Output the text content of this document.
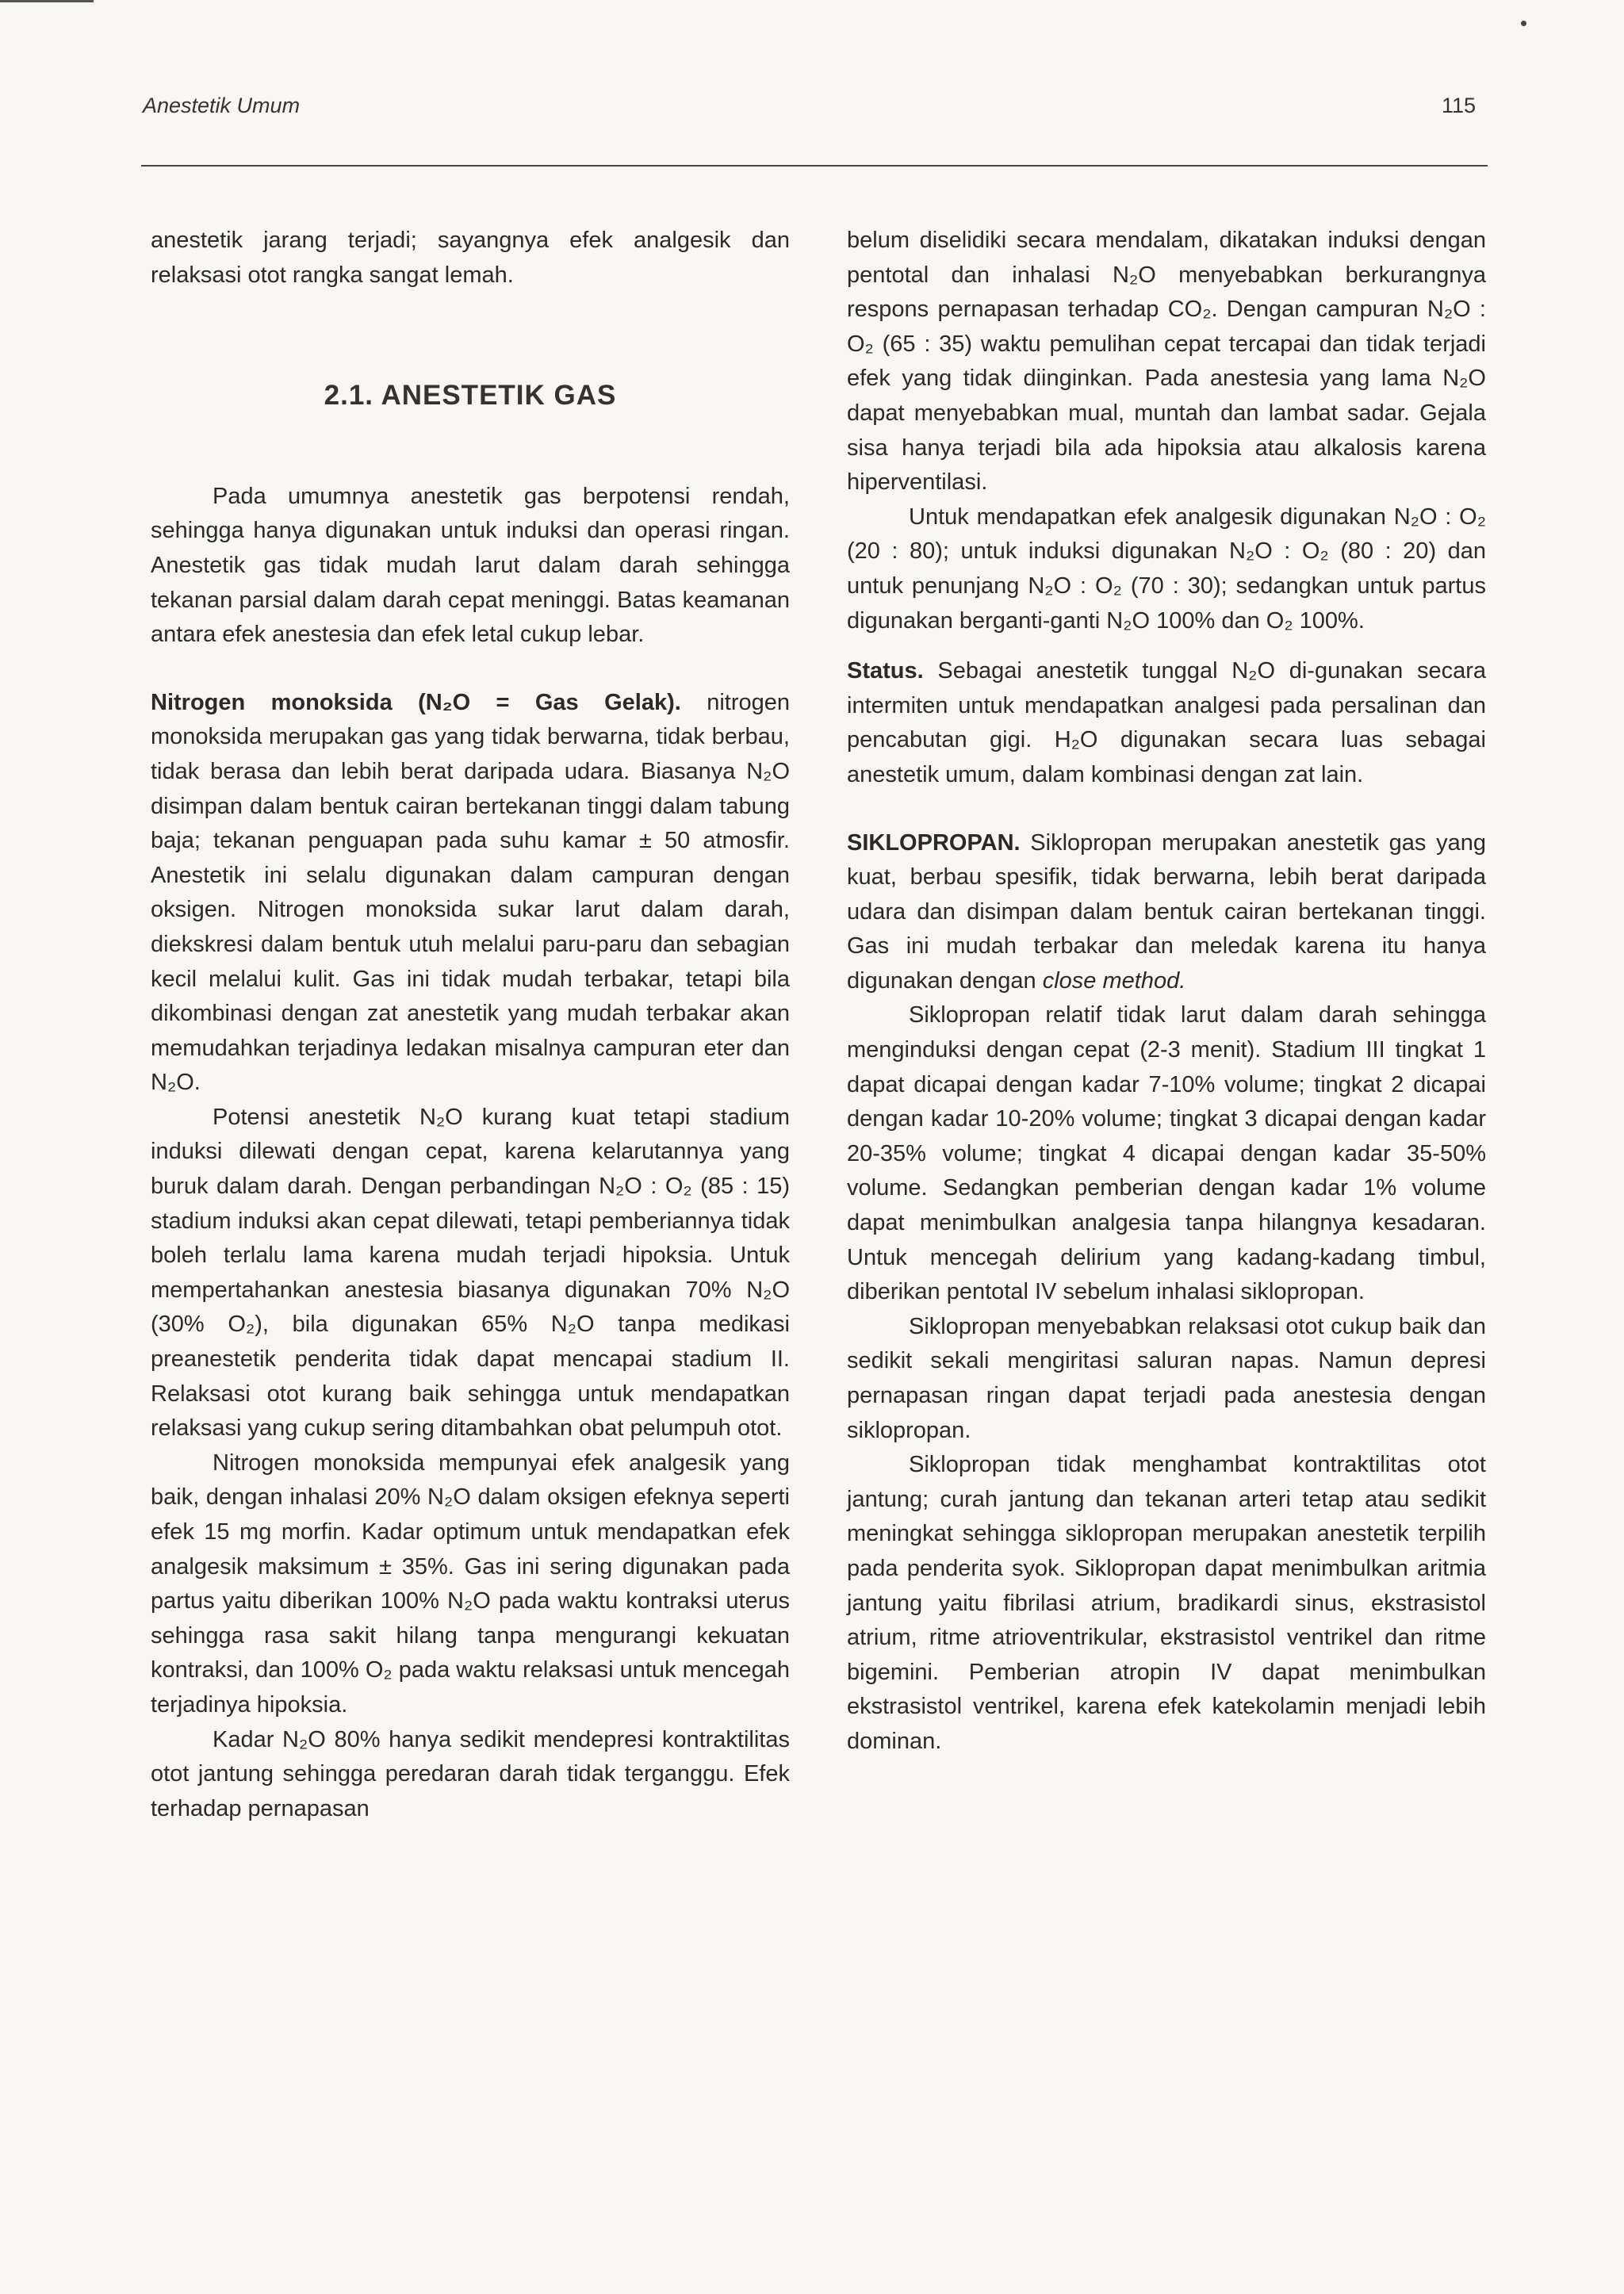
Anestetik Umum	115

anestetik jarang terjadi; sayangnya efek analgesik dan relaksasi otot rangka sangat lemah.

2.1. ANESTETIK GAS

Pada umumnya anestetik gas berpotensi rendah, sehingga hanya digunakan untuk induksi dan operasi ringan. Anestetik gas tidak mudah larut dalam darah sehingga tekanan parsial dalam darah cepat meninggi. Batas keamanan antara efek anestesia dan efek letal cukup lebar.

Nitrogen monoksida (N₂O = Gas Gelak). nitrogen monoksida merupakan gas yang tidak berwarna, tidak berbau, tidak berasa dan lebih berat daripada udara. Biasanya N₂O disimpan dalam bentuk cairan bertekanan tinggi dalam tabung baja; tekanan penguapan pada suhu kamar ± 50 atmosfir. Anestetik ini selalu digunakan dalam campuran dengan oksigen. Nitrogen monoksida sukar larut dalam darah, diekskresi dalam bentuk utuh melalui paru-paru dan sebagian kecil melalui kulit. Gas ini tidak mudah terbakar, tetapi bila dikombinasi dengan zat anestetik yang mudah terbakar akan memudahkan terjadinya ledakan misalnya campuran eter dan N₂O.

Potensi anestetik N₂O kurang kuat tetapi stadium induksi dilewati dengan cepat, karena kelarutannya yang buruk dalam darah. Dengan perbandingan N₂O : O₂ (85 : 15) stadium induksi akan cepat dilewati, tetapi pemberiannya tidak boleh terlalu lama karena mudah terjadi hipoksia. Untuk mempertahankan anestesia biasanya digunakan 70% N₂O (30% O₂), bila digunakan 65% N₂O tanpa medikasi preanestetik penderita tidak dapat mencapai stadium II. Relaksasi otot kurang baik sehingga untuk mendapatkan relaksasi yang cukup sering ditambahkan obat pelumpuh otot.

Nitrogen monoksida mempunyai efek analgesik yang baik, dengan inhalasi 20% N₂O dalam oksigen efeknya seperti efek 15 mg morfin. Kadar optimum untuk mendapatkan efek analgesik maksimum ± 35%. Gas ini sering digunakan pada partus yaitu diberikan 100% N₂O pada waktu kontraksi uterus sehingga rasa sakit hilang tanpa mengurangi kekuatan kontraksi, dan 100% O₂ pada waktu relaksasi untuk mencegah terjadinya hipoksia.

Kadar N₂O 80% hanya sedikit mendepresi kontraktilitas otot jantung sehingga peredaran darah tidak terganggu. Efek terhadap pernapasan

belum diselidiki secara mendalam, dikatakan induksi dengan pentotal dan inhalasi N₂O menyebabkan berkurangnya respons pernapasan terhadap CO₂. Dengan campuran N₂O : O₂ (65 : 35) waktu pemulihan cepat tercapai dan tidak terjadi efek yang tidak diinginkan. Pada anestesia yang lama N₂O dapat menyebabkan mual, muntah dan lambat sadar. Gejala sisa hanya terjadi bila ada hipoksia atau alkalosis karena hiperventilasi.

Untuk mendapatkan efek analgesik digunakan N₂O : O₂ (20 : 80); untuk induksi digunakan N₂O : O₂ (80 : 20) dan untuk penunjang N₂O : O₂ (70 : 30); sedangkan untuk partus digunakan berganti-ganti N₂O 100% dan O₂ 100%.

Status. Sebagai anestetik tunggal N₂O di-gunakan secara intermiten untuk mendapatkan analgesi pada persalinan dan pencabutan gigi. H₂O digunakan secara luas sebagai anestetik umum, dalam kombinasi dengan zat lain.

SIKLOPROPAN. Siklopropan merupakan anestetik gas yang kuat, berbau spesifik, tidak berwarna, lebih berat daripada udara dan disimpan dalam bentuk cairan bertekanan tinggi. Gas ini mudah terbakar dan meledak karena itu hanya digunakan dengan close method.

Siklopropan relatif tidak larut dalam darah sehingga menginduksi dengan cepat (2-3 menit). Stadium III tingkat 1 dapat dicapai dengan kadar 7-10% volume; tingkat 2 dicapai dengan kadar 10-20% volume; tingkat 3 dicapai dengan kadar 20-35% volume; tingkat 4 dicapai dengan kadar 35-50% volume. Sedangkan pemberian dengan kadar 1% volume dapat menimbulkan analgesia tanpa hilangnya kesadaran. Untuk mencegah delirium yang kadang-kadang timbul, diberikan pentotal IV sebelum inhalasi siklopropan.

Siklopropan menyebabkan relaksasi otot cukup baik dan sedikit sekali mengiritasi saluran napas. Namun depresi pernapasan ringan dapat terjadi pada anestesia dengan siklopropan.

Siklopropan tidak menghambat kontraktilitas otot jantung; curah jantung dan tekanan arteri tetap atau sedikit meningkat sehingga siklopropan merupakan anestetik terpilih pada penderita syok. Siklopropan dapat menimbulkan aritmia jantung yaitu fibrilasi atrium, bradikardi sinus, ekstrasistol atrium, ritme atrioventrikular, ekstrasistol ventrikel dan ritme bigemini. Pemberian atropin IV dapat menimbulkan ekstrasistol ventrikel, karena efek katekolamin menjadi lebih dominan.
